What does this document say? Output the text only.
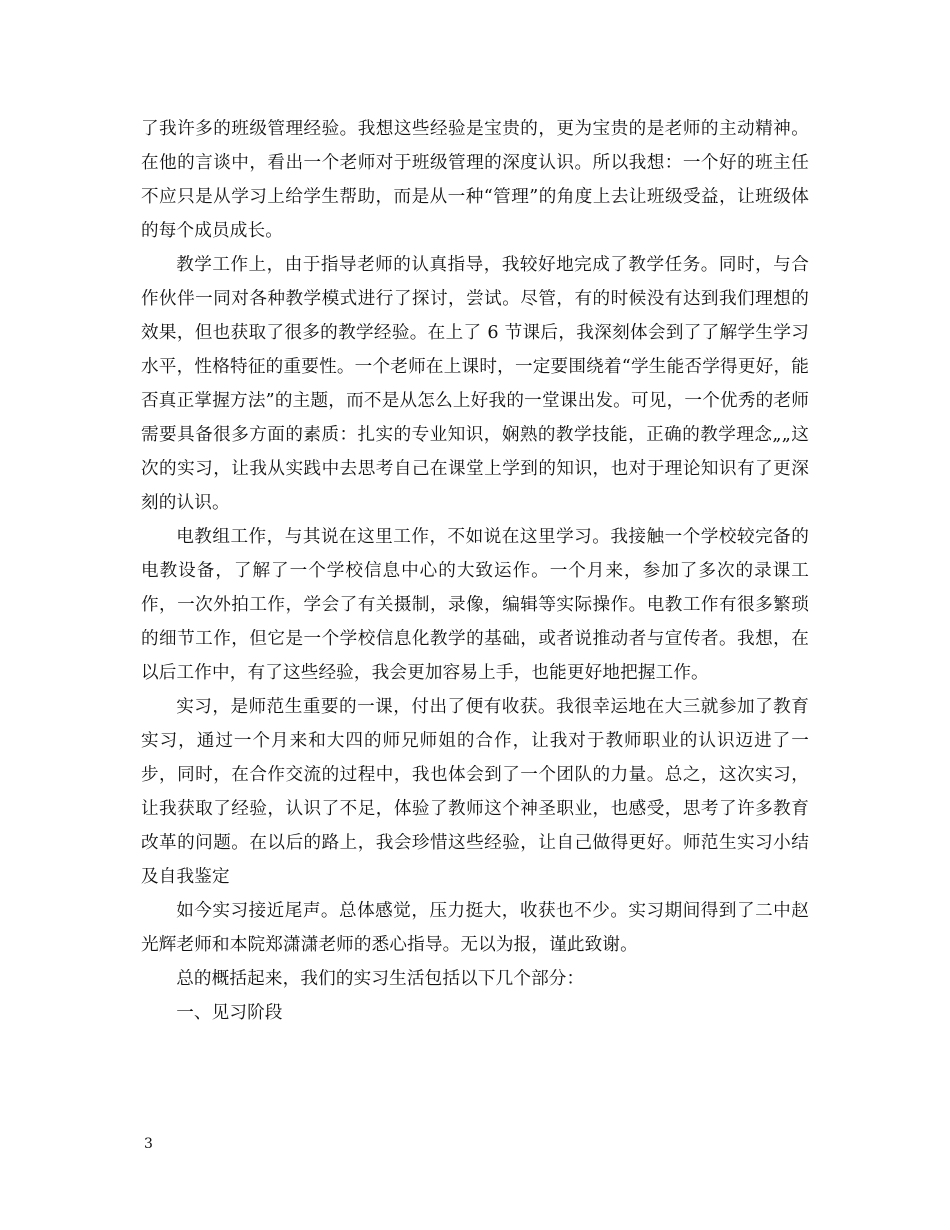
了我许多的班级管理经验。我想这些经验是宝贵的，更为宝贵的是老师的主动精神。在他的言谈中，看出一个老师对于班级管理的深度认识。所以我想：一个好的班主任不应只是从学习上给学生帮助，而是从一种“管理”的角度上去让班级受益，让班级体的每个成员成长。

教学工作上，由于指导老师的认真指导，我较好地完成了教学任务。同时，与合作伙伴一同对各种教学模式进行了探讨，尝试。尽管，有的时候没有达到我们理想的效果，但也获取了很多的教学经验。在上了 6 节课后，我深刻体会到了了解学生学习水平，性格特征的重要性。一个老师在上课时，一定要围绕着“学生能否学得更好，能否真正掌握方法”的主题，而不是从怎么上好我的一堂课出发。可见，一个优秀的老师需要具备很多方面的素质：扎实的专业知识，娴熟的教学技能，正确的教学理念„„这次的实习，让我从实践中去思考自己在课堂上学到的知识，也对于理论知识有了更深刻的认识。

电教组工作，与其说在这里工作，不如说在这里学习。我接触一个学校较完备的电教设备，了解了一个学校信息中心的大致运作。一个月来，参加了多次的录课工作，一次外拍工作，学会了有关摄制，录像，编辑等实际操作。电教工作有很多繁琐的细节工作，但它是一个学校信息化教学的基础，或者说推动者与宣传者。我想，在以后工作中，有了这些经验，我会更加容易上手，也能更好地把握工作。

实习，是师范生重要的一课，付出了便有收获。我很幸运地在大三就参加了教育实习，通过一个月来和大四的师兄师姐的合作，让我对于教师职业的认识迈进了一步，同时，在合作交流的过程中，我也体会到了一个团队的力量。总之，这次实习，让我获取了经验，认识了不足，体验了教师这个神圣职业，也感受，思考了许多教育改革的问题。在以后的路上，我会珍惜这些经验，让自己做得更好。师范生实习小结及自我鉴定

如今实习接近尾声。总体感觉，压力挺大，收获也不少。实习期间得到了二中赵光辉老师和本院郑潇潇老师的悉心指导。无以为报，谨此致谢。

总的概括起来，我们的实习生活包括以下几个部分：

一、见习阶段

3
